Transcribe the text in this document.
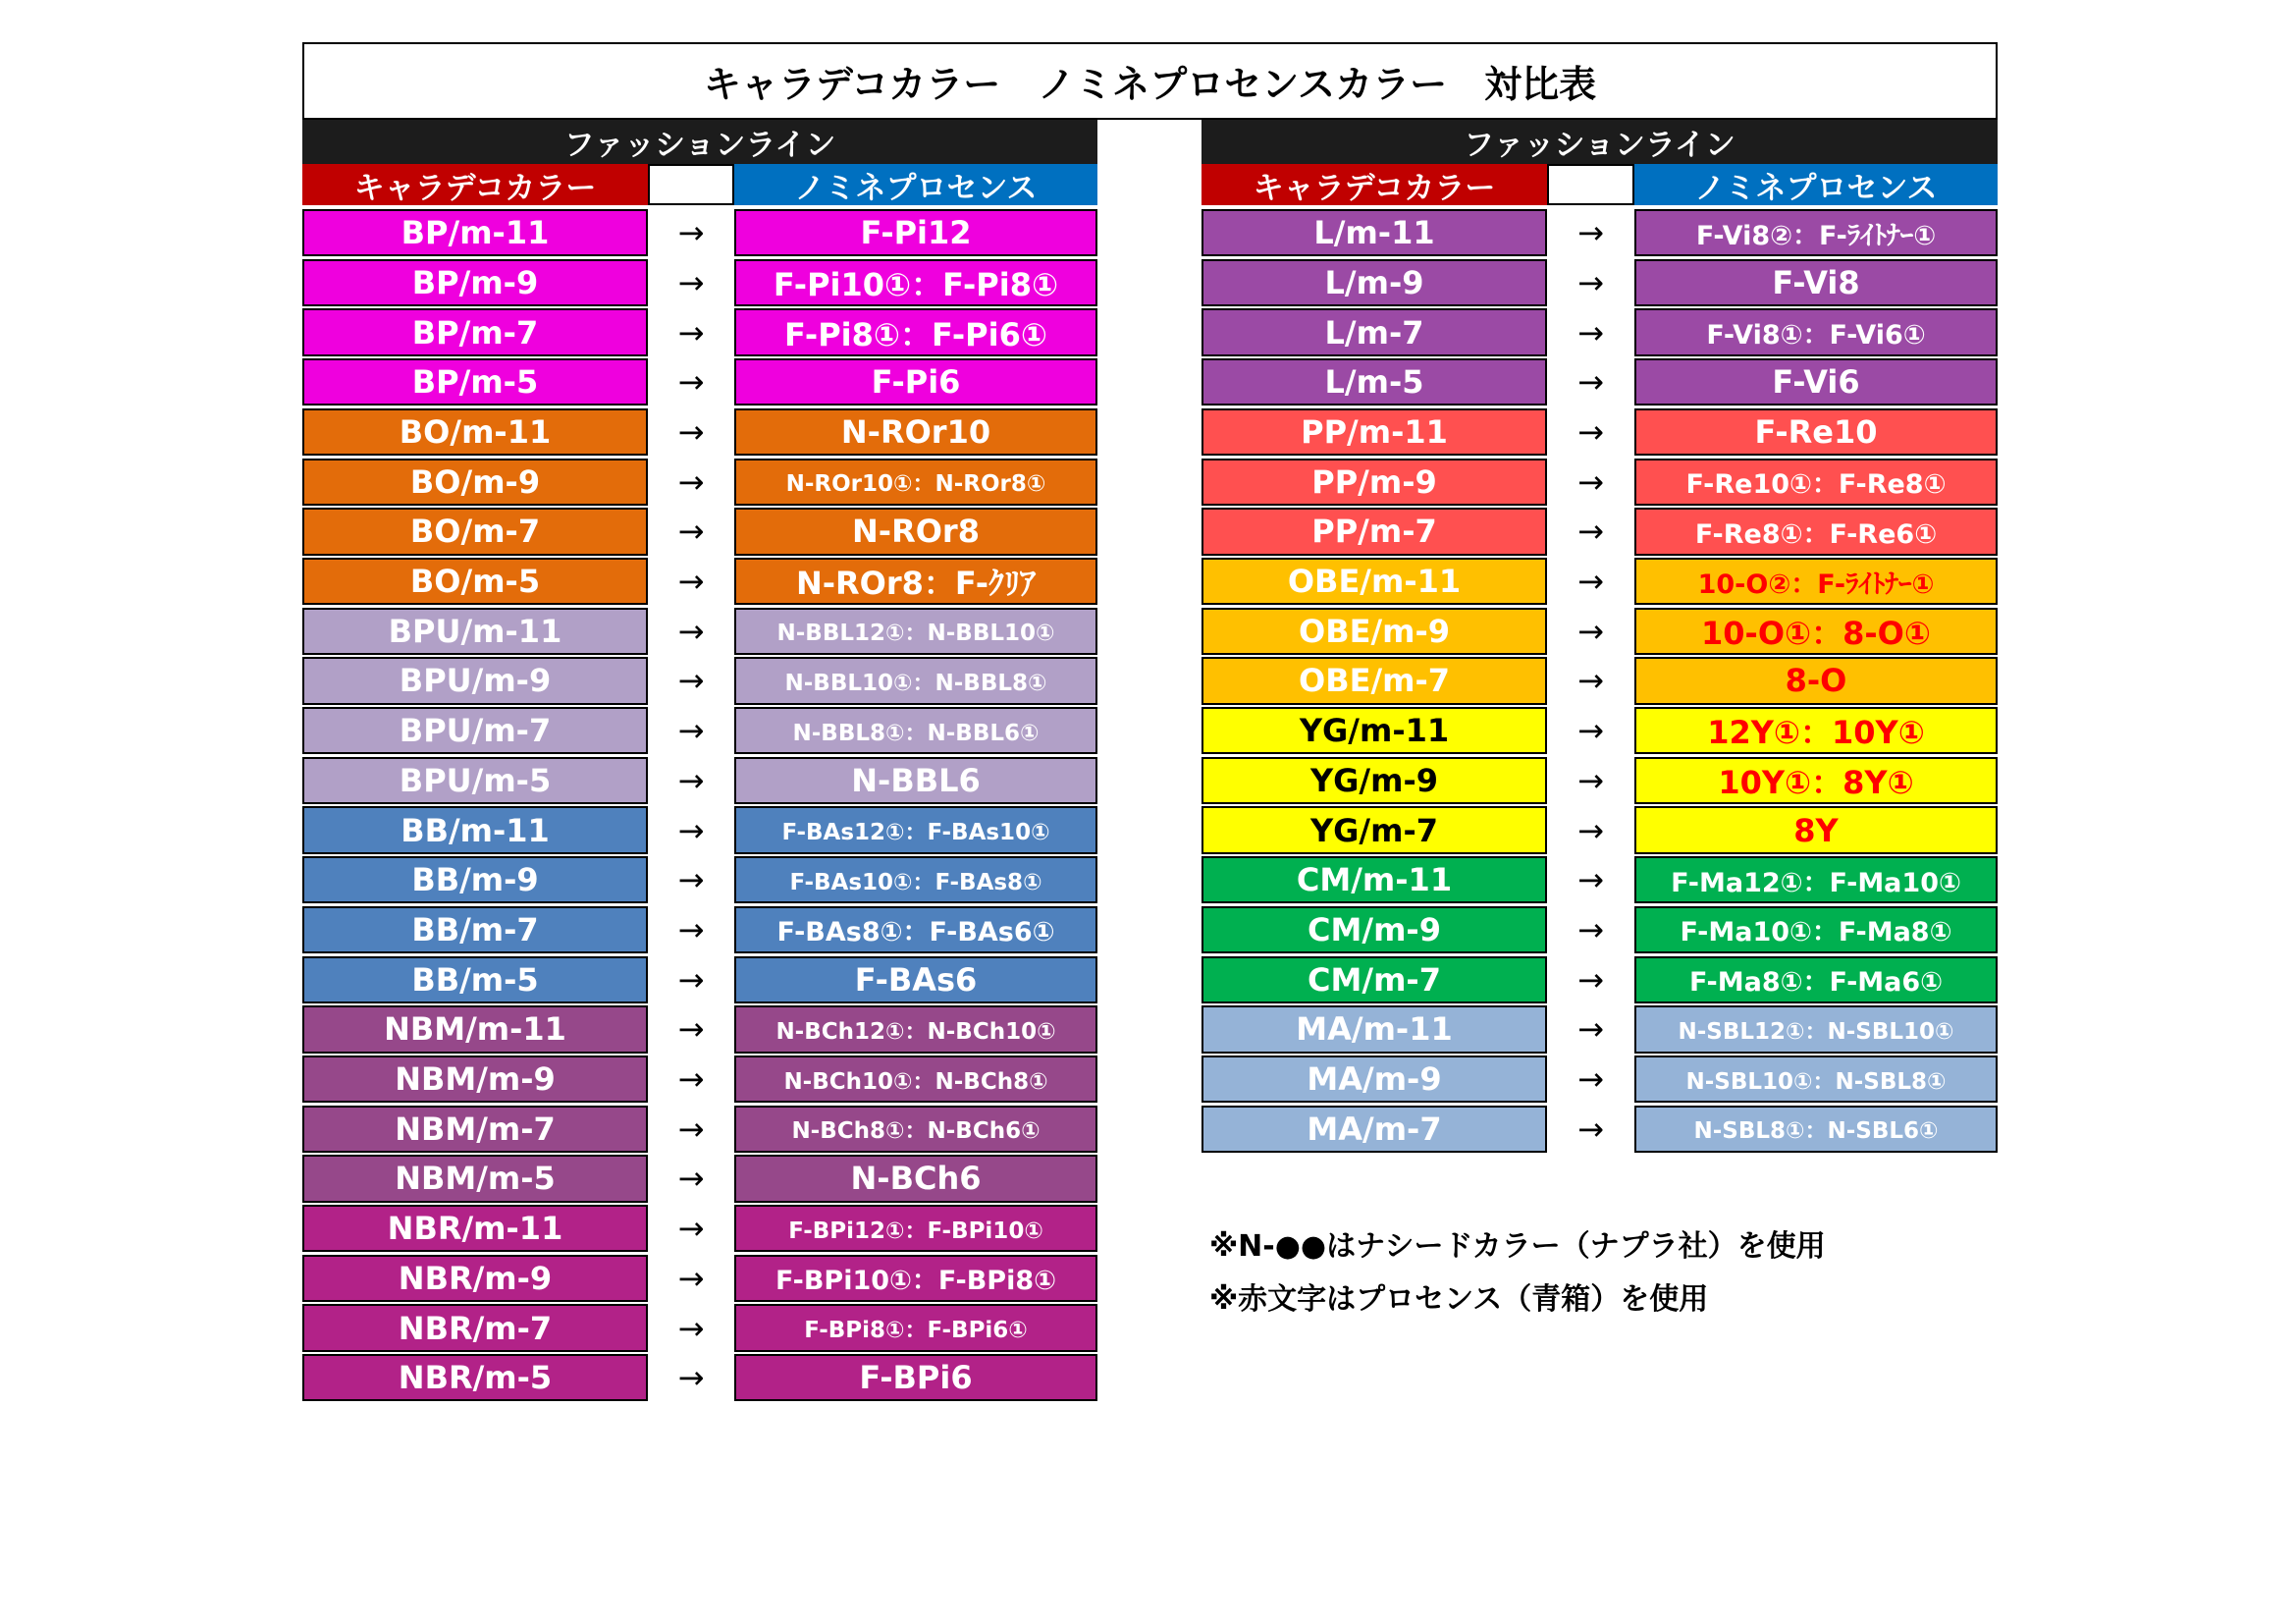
キャラデコカラー　ノミネプロセンスカラー　対比表
ファッションライン
キャラデコカラー	ノミネプロセンス
BP/m-11	→	F-Pi12
BP/m-9	→	F-Pi10①：F-Pi8①
BP/m-7	→	F-Pi8①：F-Pi6①
BP/m-5	→	F-Pi6
BO/m-11	→	N-ROr10
BO/m-9	→	N-ROr10①：N-ROr8①
BO/m-7	→	N-ROr8
BO/m-5	→	N-ROr8：F-ｸﾘｱ
BPU/m-11	→	N-BBL12①：N-BBL10①
BPU/m-9	→	N-BBL10①：N-BBL8①
BPU/m-7	→	N-BBL8①：N-BBL6①
BPU/m-5	→	N-BBL6
BB/m-11	→	F-BAs12①：F-BAs10①
BB/m-9	→	F-BAs10①：F-BAs8①
BB/m-7	→	F-BAs8①：F-BAs6①
BB/m-5	→	F-BAs6
NBM/m-11	→	N-BCh12①：N-BCh10①
NBM/m-9	→	N-BCh10①：N-BCh8①
NBM/m-7	→	N-BCh8①：N-BCh6①
NBM/m-5	→	N-BCh6
NBR/m-11	→	F-BPi12①：F-BPi10①
NBR/m-9	→	F-BPi10①：F-BPi8①
NBR/m-7	→	F-BPi8①：F-BPi6①
NBR/m-5	→	F-BPi6
ファッションライン
キャラデコカラー	ノミネプロセンス
L/m-11	→	F-Vi8②：F-ﾗｲﾄﾅｰ①
L/m-9	→	F-Vi8
L/m-7	→	F-Vi8①：F-Vi6①
L/m-5	→	F-Vi6
PP/m-11	→	F-Re10
PP/m-9	→	F-Re10①：F-Re8①
PP/m-7	→	F-Re8①：F-Re6①
OBE/m-11	→	10-O②：F-ﾗｲﾄﾅｰ①
OBE/m-9	→	10-O①：8-O①
OBE/m-7	→	8-O
YG/m-11	→	12Y①：10Y①
YG/m-9	→	10Y①：8Y①
YG/m-7	→	8Y
CM/m-11	→	F-Ma12①：F-Ma10①
CM/m-9	→	F-Ma10①：F-Ma8①
CM/m-7	→	F-Ma8①：F-Ma6①
MA/m-11	→	N-SBL12①：N-SBL10①
MA/m-9	→	N-SBL10①：N-SBL8①
MA/m-7	→	N-SBL8①：N-SBL6①
※N-●●はナシードカラー（ナプラ社）を使用
※赤文字はプロセンス（青箱）を使用
